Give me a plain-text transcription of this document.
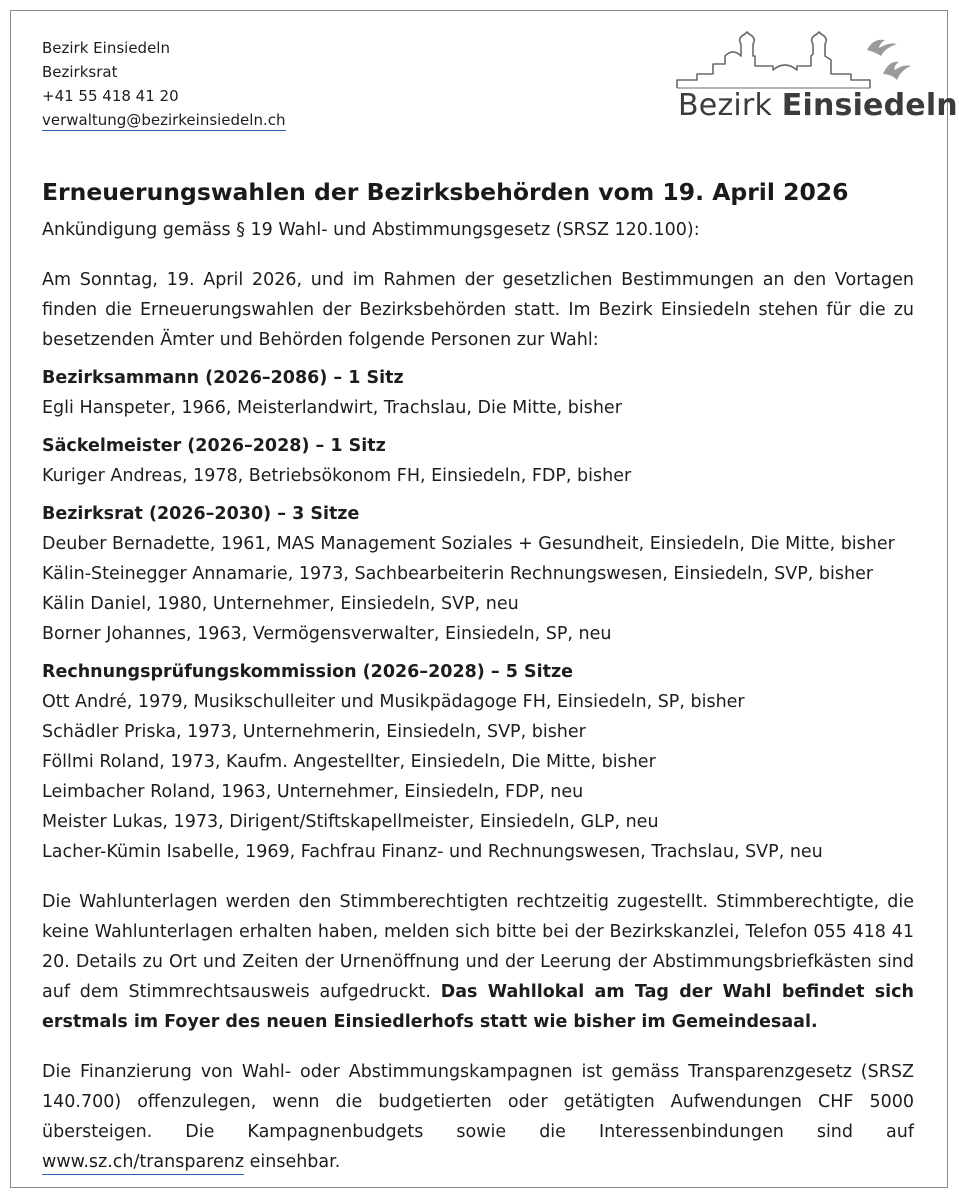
Bezirk Einsiedeln
Bezirksrat
+41 55 418 41 20
verwaltung@bezirkeinsiedeln.ch	Bezirk Einsiedeln
Erneuerungswahlen der Bezirksbehörden vom 19. April 2026
Ankündigung gemäss § 19 Wahl- und Abstimmungsgesetz (SRSZ 120.100):
Am Sonntag, 19. April 2026, und im Rahmen der gesetzlichen Bestimmungen an den Vortagen finden die Erneuerungswahlen der Bezirksbehörden statt. Im Bezirk Einsiedeln stehen für die zu besetzenden Ämter und Behörden folgende Personen zur Wahl:
Bezirksammann (2026–2086) – 1 Sitz
Egli Hanspeter, 1966, Meisterlandwirt, Trachslau, Die Mitte, bisher
Säckelmeister (2026–2028) – 1 Sitz
Kuriger Andreas, 1978, Betriebsökonom FH, Einsiedeln, FDP, bisher
Bezirksrat (2026–2030) – 3 Sitze
Deuber Bernadette, 1961, MAS Management Soziales + Gesundheit, Einsiedeln, Die Mitte, bisher
Kälin-Steinegger Annamarie, 1973, Sachbearbeiterin Rechnungswesen, Einsiedeln, SVP, bisher
Kälin Daniel, 1980, Unternehmer, Einsiedeln, SVP, neu
Borner Johannes, 1963, Vermögensverwalter, Einsiedeln, SP, neu
Rechnungsprüfungskommission (2026–2028) – 5 Sitze
Ott André, 1979, Musikschulleiter und Musikpädagoge FH, Einsiedeln, SP, bisher
Schädler Priska, 1973, Unternehmerin, Einsiedeln, SVP, bisher
Föllmi Roland, 1973, Kaufm. Angestellter, Einsiedeln, Die Mitte, bisher
Leimbacher Roland, 1963, Unternehmer, Einsiedeln, FDP, neu
Meister Lukas, 1973, Dirigent/Stiftskapellmeister, Einsiedeln, GLP, neu
Lacher-Kümin Isabelle, 1969, Fachfrau Finanz- und Rechnungswesen, Trachslau, SVP, neu
Die Wahlunterlagen werden den Stimmberechtigten rechtzeitig zugestellt. Stimmberechtigte, die keine Wahlunterlagen erhalten haben, melden sich bitte bei der Bezirkskanzlei, Telefon 055 418 41 20. Details zu Ort und Zeiten der Urnenöffnung und der Leerung der Abstimmungsbriefkästen sind auf dem Stimmrechtsausweis aufgedruckt. Das Wahllokal am Tag der Wahl befindet sich erstmals im Foyer des neuen Einsiedlerhofs statt wie bisher im Gemeindesaal.
Die Finanzierung von Wahl- oder Abstimmungskampagnen ist gemäss Transparenzgesetz (SRSZ 140.700) offenzulegen, wenn die budgetierten oder getätigten Aufwendungen CHF 5000 übersteigen. Die Kampagnenbudgets sowie die Interessenbindungen sind auf www.sz.ch/transparenz einsehbar.
